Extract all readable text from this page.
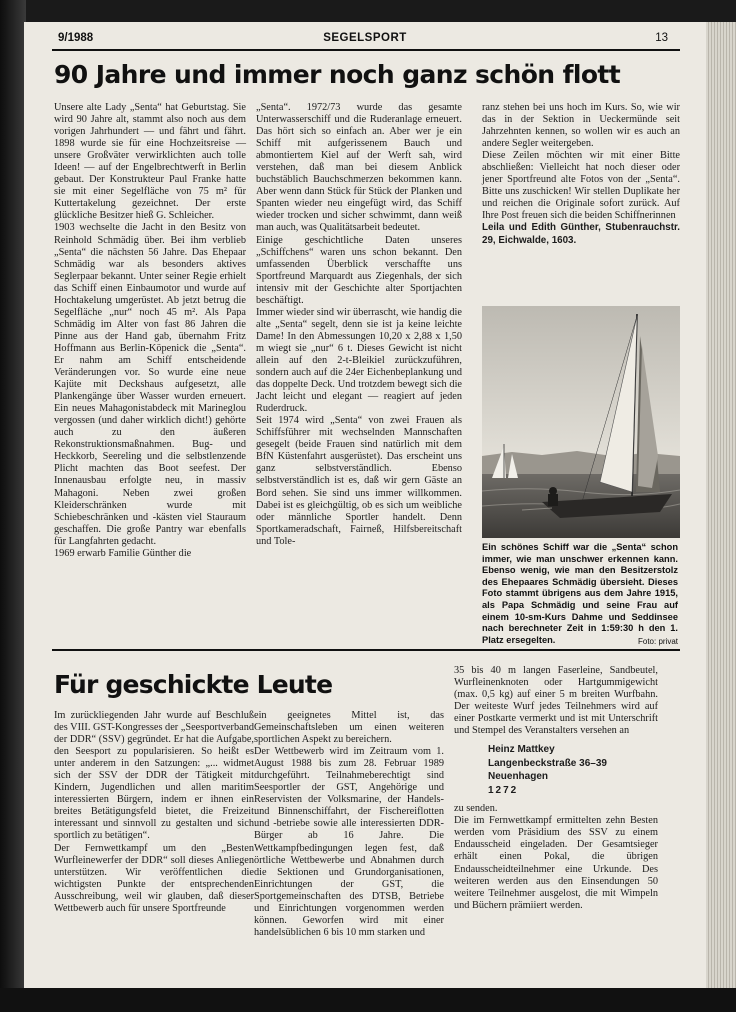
SEGELSPORT
9/1988	13
90 Jahre und immer noch ganz schön flott

Unsere alte Lady „Senta“ hat Geburtstag. Sie wird 90 Jahre alt, stammt also noch aus dem vorigen Jahrhundert — und fährt und fährt. 1898 wurde sie für eine Hochzeitsreise — unsere Großväter verwirklichten auch tolle Ideen! — auf der Engelbrechtwerft in Berlin gebaut. Der Konstrukteur Paul Franke hatte sie mit einer Segelfläche von 75 m² für Kuttertakelung gezeichnet. Der erste glückliche Besitzer hieß G. Schleicher.

1903 wechselte die Jacht in den Besitz von Reinhold Schmädig über. Bei ihm verblieb „Senta“ die nächsten 56 Jahre. Das Ehepaar Schmädig war als besonders aktives Seglerpaar bekannt. Unter seiner Regie erhielt das Schiff einen Einbaumotor und wurde auf Hochtakelung umgerüstet. Ab jetzt betrug die Segelfläche „nur“ noch 45 m². Als Papa Schmädig im Alter von fast 86 Jahren die Pinne aus der Hand gab, übernahm Fritz Hoffmann aus Berlin-Köpenick die „Senta“. Er nahm am Schiff entscheidende Veränderungen vor. So wurde eine neue Kajüte mit Deckshaus aufgesetzt, alle Plankengänge über Wasser wurden erneuert. Ein neues Mahagonistabdeck mit Marineglou vergossen (und daher wirklich dicht!) gehörte auch zu den äußeren Rekonstruktionsmaßnahmen. Bug- und Heckkorb, Seereling und die selbstlenzende Plicht machten das Boot seefest. Der Innenausbau erfolgte neu, in massiv Mahagoni. Neben zwei großen Kleiderschränken wurde mit Schiebeschränken und -kästen viel Stauraum geschaffen. Die große Pantry war ebenfalls für Langfahrten gedacht.

1969 erwarb Familie Günther die

„Senta“. 1972/73 wurde das gesamte Unterwasserschiff und die Ruderanlage erneuert. Das hört sich so einfach an. Aber wer je ein Schiff mit aufgerissenem Bauch und abmontiertem Kiel auf der Werft sah, wird verstehen, daß man bei diesem Anblick buchstäblich Bauchschmerzen bekommen kann. Aber wenn dann Stück für Stück der Planken und Spanten wieder neu eingefügt wird, das Schiff wieder trocken und sicher schwimmt, dann weiß man auch, was Qualitätsarbeit bedeutet.

Einige geschichtliche Daten unseres „Schiffchens“ waren uns schon bekannt. Den umfassenden Überblick verschaffte uns Sportfreund Marquardt aus Ziegenhals, der sich intensiv mit der Geschichte alter Sportjachten beschäftigt.

Immer wieder sind wir überrascht, wie handig die alte „Senta“ segelt, denn sie ist ja keine leichte Dame! In den Abmessungen 10,20 x 2,88 x 1,50 m wiegt sie „nur“ 6 t. Dieses Gewicht ist nicht allein auf den 2-t-Bleikiel zurückzuführen, sondern auch auf die 24er Eichenbeplankung und das doppelte Deck. Und trotzdem bewegt sich die Jacht leicht und elegant — reagiert auf jeden Ruderdruck.

Seit 1974 wird „Senta“ von zwei Frauen als Schiffsführer mit wechselnden Mannschaften gesegelt (beide Frauen sind natürlich mit dem BfN Küstenfahrt ausgerüstet). Das erscheint uns ganz selbstverständlich. Ebenso selbstverständlich ist es, daß wir gern Gäste an Bord sehen. Sie sind uns immer willkommen. Dabei ist es gleichgültig, ob es sich um weibliche oder männliche Sportler handelt. Denn Sportkameradschaft, Fairneß, Hilfsbereitschaft und Tole-

ranz stehen bei uns hoch im Kurs. So, wie wir das in der Sektion in Ueckermünde seit Jahrzehnten kennen, so wollen wir es auch an andere Segler weitergeben.

Diese Zeilen möchten wir mit einer Bitte abschließen: Vielleicht hat noch dieser oder jener Sportfreund alte Fotos von der „Senta“. Bitte uns zuschicken! Wir stellen Duplikate her und reichen die Originale sofort zurück. Auf Ihre Post freuen sich die beiden Schiffnerinnen

Leila und Edith Günther, Stubenrauchstr. 29, Eichwalde, 1603.

Ein schönes Schiff war die „Senta“ schon immer, wie man unschwer erkennen kann. Ebenso wenig, wie man den Besitzerstolz des Ehepaares Schmädig übersieht. Dieses Foto stammt übrigens aus dem Jahre 1915, als Papa Schmädig und seine Frau auf einem 10-sm-Kurs Dahme und Seddinsee nach berechneter Zeit in 1:59:30 h den 1. Platz ersegelten.	Foto: privat
Für geschickte Leute

Im zurückliegenden Jahr wurde auf Beschluß des VIII. GST-Kongresses der „Seesportverband der DDR“ (SSV) gegründet. Er hat die Aufgabe, den Seesport zu popularisieren. So heißt es unter anderem in den Satzungen: „... widmet sich der SSV der DDR der Tätigkeit mit Kindern, Jugendlichen und allen maritim interessierten Bürgern, indem er ihnen ein breites Betätigungsfeld bietet, die Freizeit interessant und sinnvoll zu gestalten und sich sportlich zu betätigen“.

Der Fernwettkampf um den „Besten Wurfleinewerfer der DDR“ soll dieses Anliegen unterstützen. Wir veröffentlichen die wichtigsten Punkte der entsprechenden Ausschreibung, weil wir glauben, daß dieser Wettbewerb auch für unsere Sportfreunde

ein geeignetes Mittel ist, das Gemeinschaftsleben um einen weiteren sportlichen Aspekt zu bereichern.

Der Wettbewerb wird im Zeitraum vom 1. August 1988 bis zum 28. Februar 1989 durchgeführt. Teilnahmeberechtigt sind Seesportler der GST, Angehörige und Reservisten der Volksmarine, der Handels- und Binnenschiffahrt, der Fischereiflotten und -betriebe sowie alle interessierten DDR-Bürger ab 16 Jahre. Die Wettkampfbedingungen legen fest, daß örtliche Wettbewerbe und Abnahmen durch die Sektionen und Grundorganisationen, Einrichtungen der GST, die Sportgemeinschaften des DTSB, Betriebe und Einrichtungen vorgenommen werden können. Geworfen wird mit einer handelsüblichen 6 bis 10 mm starken und

35 bis 40 m langen Faserleine, Sandbeutel, Wurfleinenknoten oder Hartgummigewicht (max. 0,5 kg) auf einer 5 m breiten Wurfbahn. Der weiteste Wurf jedes Teilnehmers wird auf einer Postkarte vermerkt und ist mit Unterschrift und Stempel des Veranstalters versehen an

Heinz Mattkey
Langenbeckstraße 36–39
Neuenhagen
1272

zu senden.

Die im Fernwettkampf ermittelten zehn Besten werden vom Präsidium des SSV zu einem Endausscheid eingeladen. Der Gesamtsieger erhält einen Pokal, die übrigen Endausscheidteilnehmer eine Urkunde. Des weiteren werden aus den Einsendungen 50 weitere Teilnehmer ausgelost, die mit Wimpeln und Büchern prämiiert werden.
